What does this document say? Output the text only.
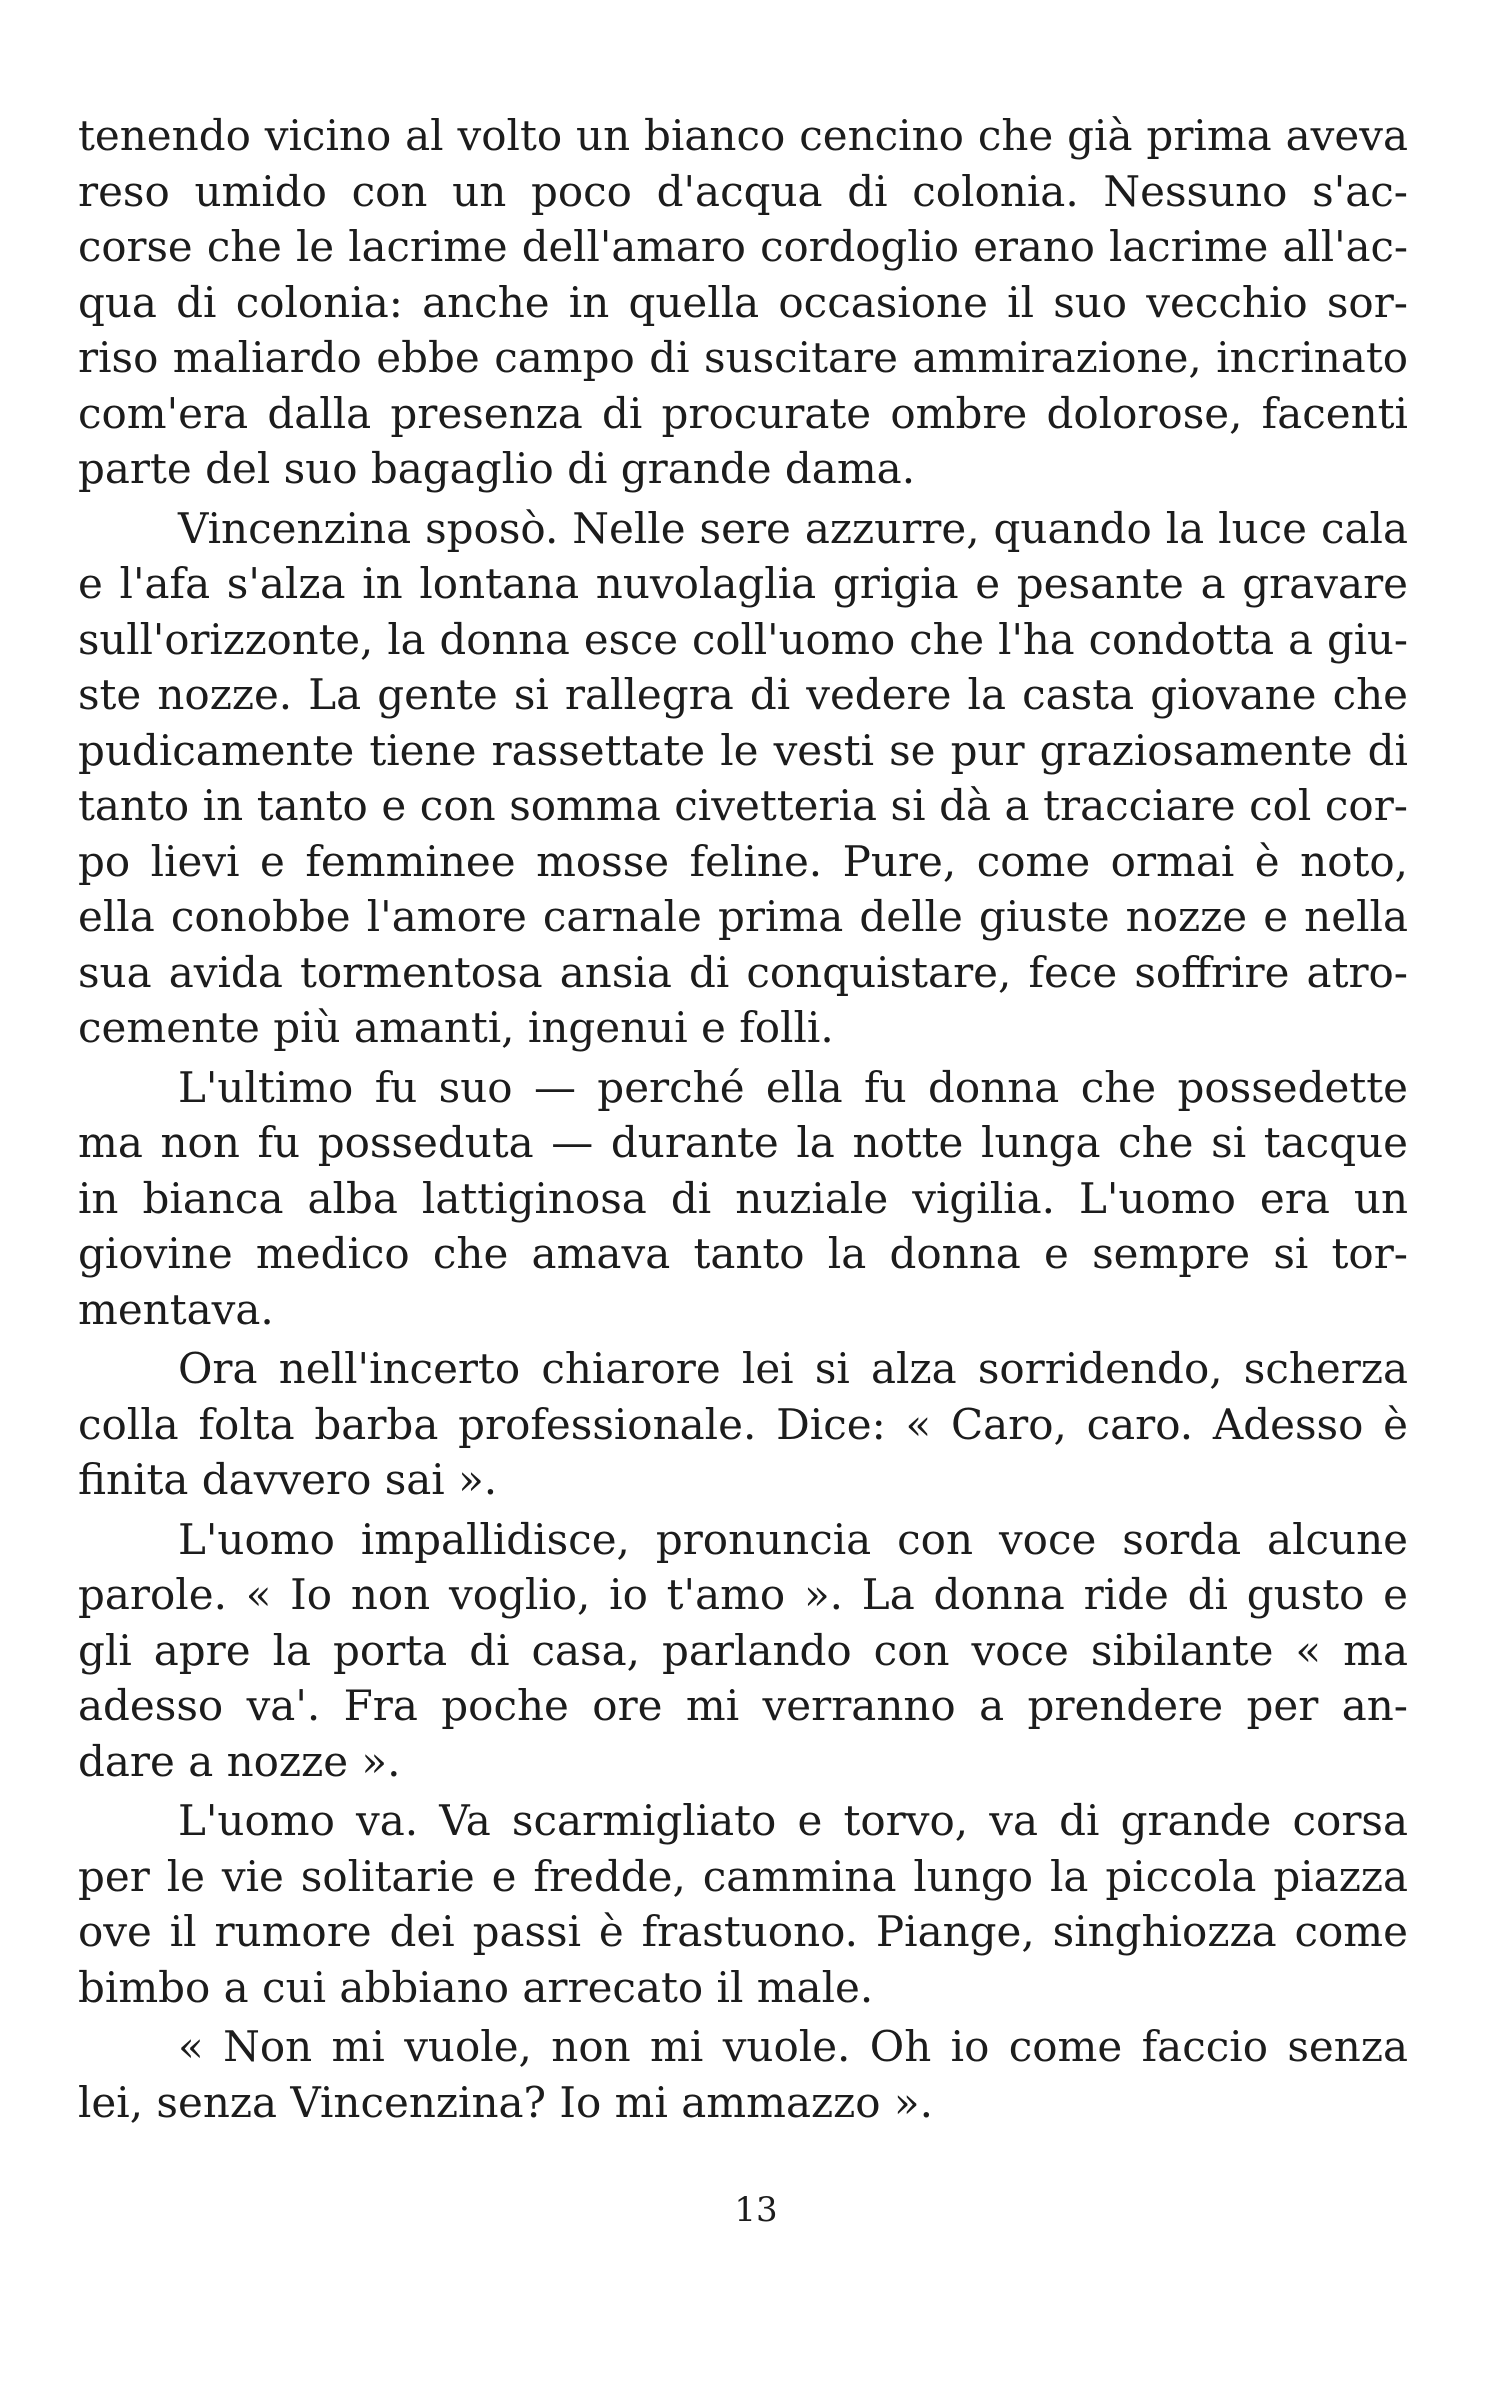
tenendo vicino al volto un bianco cencino che già prima aveva
reso umido con un poco d'acqua di colonia. Nessuno s'ac-
corse che le lacrime dell'amaro cordoglio erano lacrime all'ac-
qua di colonia: anche in quella occasione il suo vecchio sor-
riso maliardo ebbe campo di suscitare ammirazione, incrinato
com'era dalla presenza di procurate ombre dolorose, facenti
parte del suo bagaglio di grande dama.
Vincenzina sposò. Nelle sere azzurre, quando la luce cala
e l'afa s'alza in lontana nuvolaglia grigia e pesante a gravare
sull'orizzonte, la donna esce coll'uomo che l'ha condotta a giu-
ste nozze. La gente si rallegra di vedere la casta giovane che
pudicamente tiene rassettate le vesti se pur graziosamente di
tanto in tanto e con somma civetteria si dà a tracciare col cor-
po lievi e femminee mosse feline. Pure, come ormai è noto,
ella conobbe l'amore carnale prima delle giuste nozze e nella
sua avida tormentosa ansia di conquistare, fece soffrire atro-
cemente più amanti, ingenui e folli.
L'ultimo fu suo — perché ella fu donna che possedette
ma non fu posseduta — durante la notte lunga che si tacque
in bianca alba lattiginosa di nuziale vigilia. L'uomo era un
giovine medico che amava tanto la donna e sempre si tor-
mentava.
Ora nell'incerto chiarore lei si alza sorridendo, scherza
colla folta barba professionale. Dice: « Caro, caro. Adesso è
finita davvero sai ».
L'uomo impallidisce, pronuncia con voce sorda alcune
parole. « Io non voglio, io t'amo ». La donna ride di gusto e
gli apre la porta di casa, parlando con voce sibilante « ma
adesso va'. Fra poche ore mi verranno a prendere per an-
dare a nozze ».
L'uomo va. Va scarmigliato e torvo, va di grande corsa
per le vie solitarie e fredde, cammina lungo la piccola piazza
ove il rumore dei passi è frastuono. Piange, singhiozza come
bimbo a cui abbiano arrecato il male.
« Non mi vuole, non mi vuole. Oh io come faccio senza
lei, senza Vincenzina? Io mi ammazzo ».
13
